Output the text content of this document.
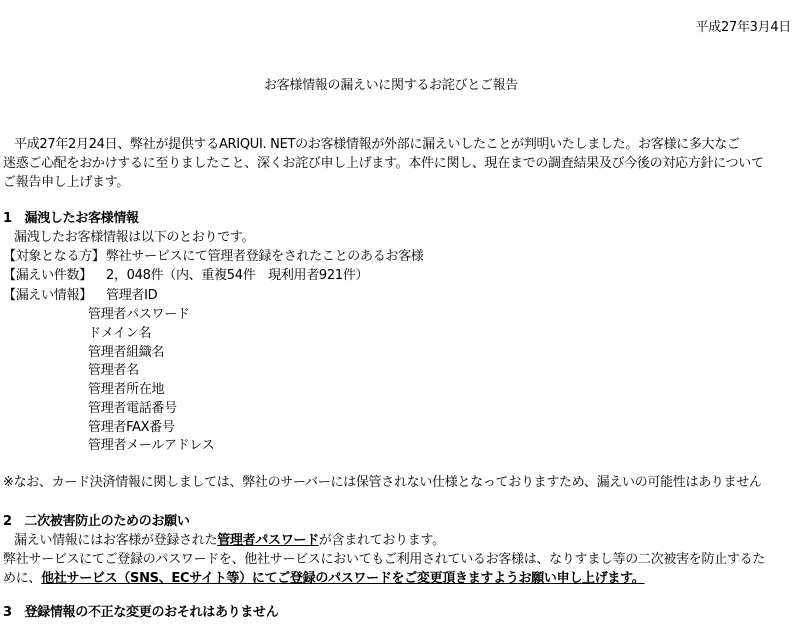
平成27年3月4日
お客様情報の漏えいに関するお詫びとご報告
平成27年2月24日、弊社が提供するARIQUI. NETのお客様情報が外部に漏えいしたことが判明いたしました。お客様に多大なご
迷惑ご心配をおかけするに至りましたこと、深くお詫び申し上げます。本件に関し、現在までの調査結果及び今後の対応方針について
ご報告申し上げます。
1　漏洩したお客様情報
漏洩したお客様情報は以下のとおりです。
【対象となる方】 弊社サービスにて管理者登録をされたことのあるお客様
【漏えい件数】 2，048件（内、重複54件　現利用者921件）
【漏えい情報】 管理者ID
管理者パスワード
ドメイン名
管理者組織名
管理者名
管理者所在地
管理者電話番号
管理者FAX番号
管理者メールアドレス
※なお、カード決済情報に関しましては、弊社のサーバーには保管されない仕様となっておりますため、漏えいの可能性はありません
2　二次被害防止のためのお願い
漏えい情報にはお客様が登録された管理者パスワードが含まれております。
弊社サービスにてご登録のパスワードを、他社サービスにおいてもご利用されているお客様は、なりすまし等の二次被害を防止するた
めに、他社サービス（SNS、ECサイト等）にてご登録のパスワードをご変更頂きますようお願い申し上げます。
3　登録情報の不正な変更のおそれはありません
